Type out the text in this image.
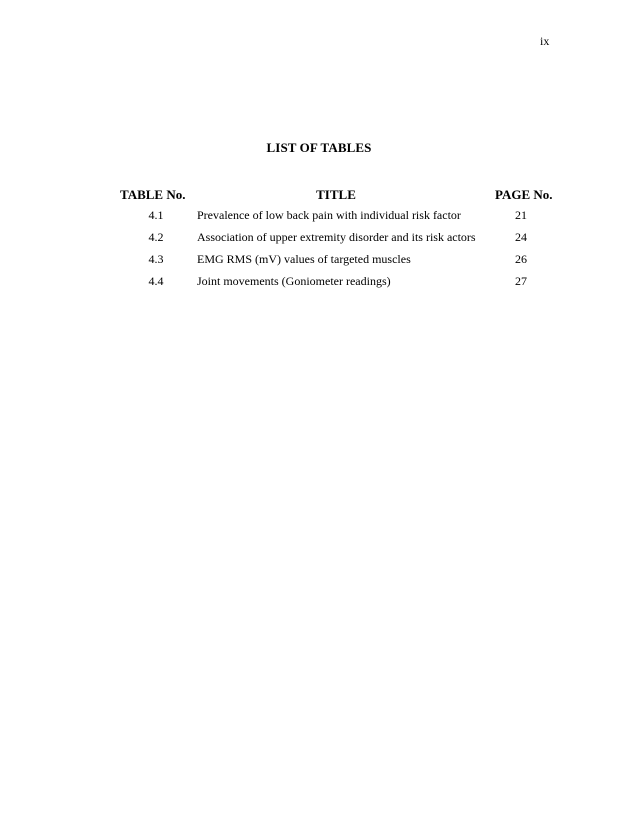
ix
LIST OF TABLES
TABLE No.	TITLE	PAGE No.
4.1	Prevalence of low back pain with individual risk factor	21
4.2	Association of upper extremity disorder and its risk actors	24
4.3	EMG RMS (mV) values of targeted muscles	26
4.4	Joint movements (Goniometer readings)	27
